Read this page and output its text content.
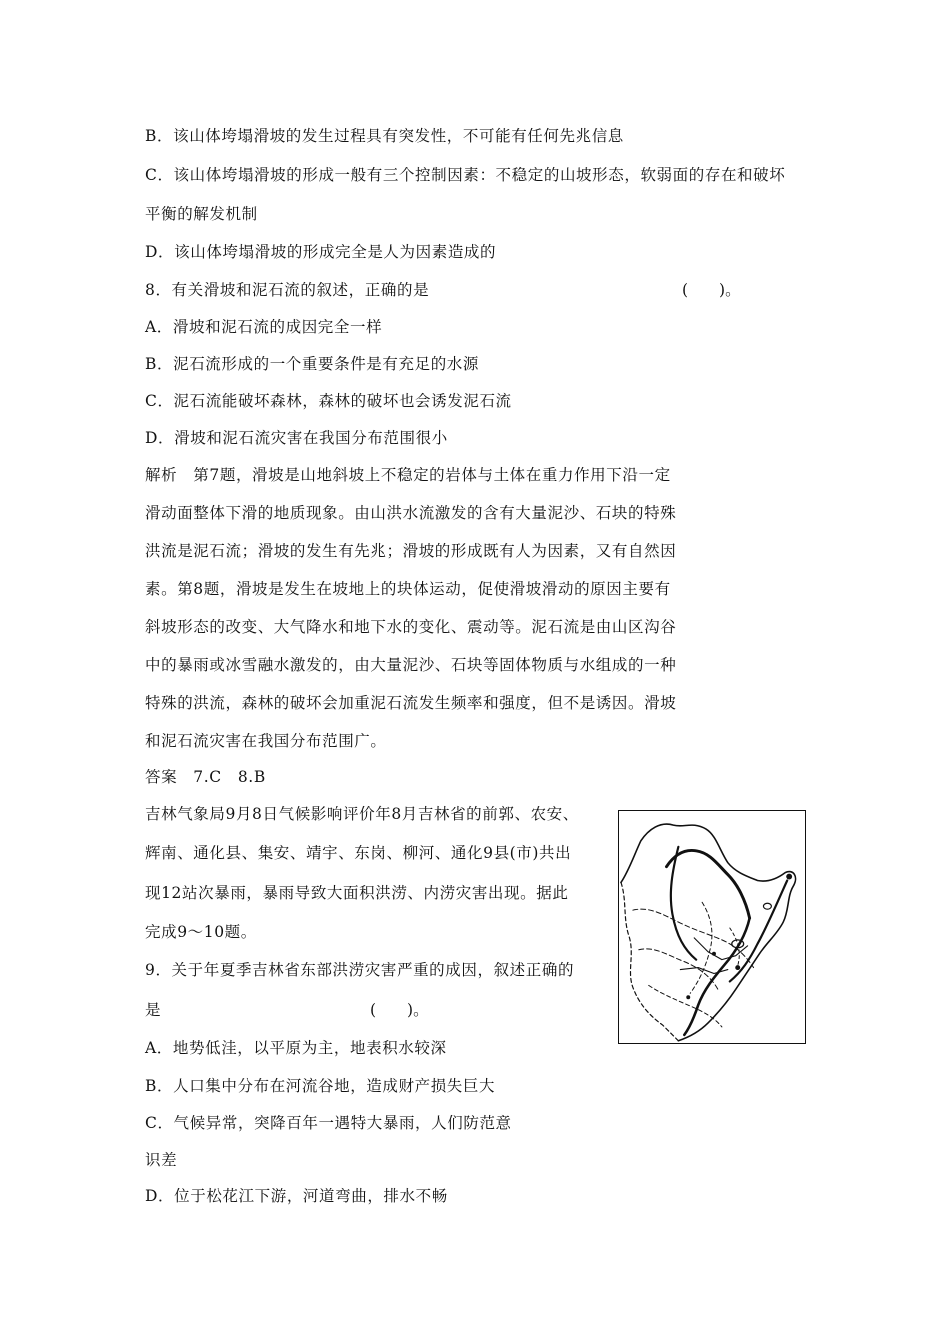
B．该山体垮塌滑坡的发生过程具有突发性，不可能有任何先兆信息
C．该山体垮塌滑坡的形成一般有三个控制因素：不稳定的山坡形态，软弱面的存在和破坏
平衡的解发机制
D．该山体垮塌滑坡的形成完全是人为因素造成的
8．有关滑坡和泥石流的叙述，正确的是	(　　)。
A．滑坡和泥石流的成因完全一样
B．泥石流形成的一个重要条件是有充足的水源
C．泥石流能破坏森林，森林的破坏也会诱发泥石流
D．滑坡和泥石流灾害在我国分布范围很小
解析　第7题，滑坡是山地斜坡上不稳定的岩体与土体在重力作用下沿一定
滑动面整体下滑的地质现象。由山洪水流激发的含有大量泥沙、石块的特殊
洪流是泥石流；滑坡的发生有先兆；滑坡的形成既有人为因素，又有自然因
素。第8题，滑坡是发生在坡地上的块体运动，促使滑坡滑动的原因主要有
斜坡形态的改变、大气降水和地下水的变化、震动等。泥石流是由山区沟谷
中的暴雨或冰雪融水激发的，由大量泥沙、石块等固体物质与水组成的一种
特殊的洪流，森林的破坏会加重泥石流发生频率和强度，但不是诱因。滑坡
和泥石流灾害在我国分布范围广。
答案　7.C　8.B
吉林气象局9月8日气候影响评价年8月吉林省的前郭、农安、
辉南、通化县、集安、靖宇、东岗、柳河、通化9县(市)共出
现12站次暴雨，暴雨导致大面积洪涝、内涝灾害出现。据此
完成9～10题。
9．关于年夏季吉林省东部洪涝灾害严重的成因，叙述正确的
是	(　　)。
A．地势低洼，以平原为主，地表积水较深
B．人口集中分布在河流谷地，造成财产损失巨大
C．气候异常，突降百年一遇特大暴雨，人们防范意
识差
D．位于松花江下游，河道弯曲，排水不畅
